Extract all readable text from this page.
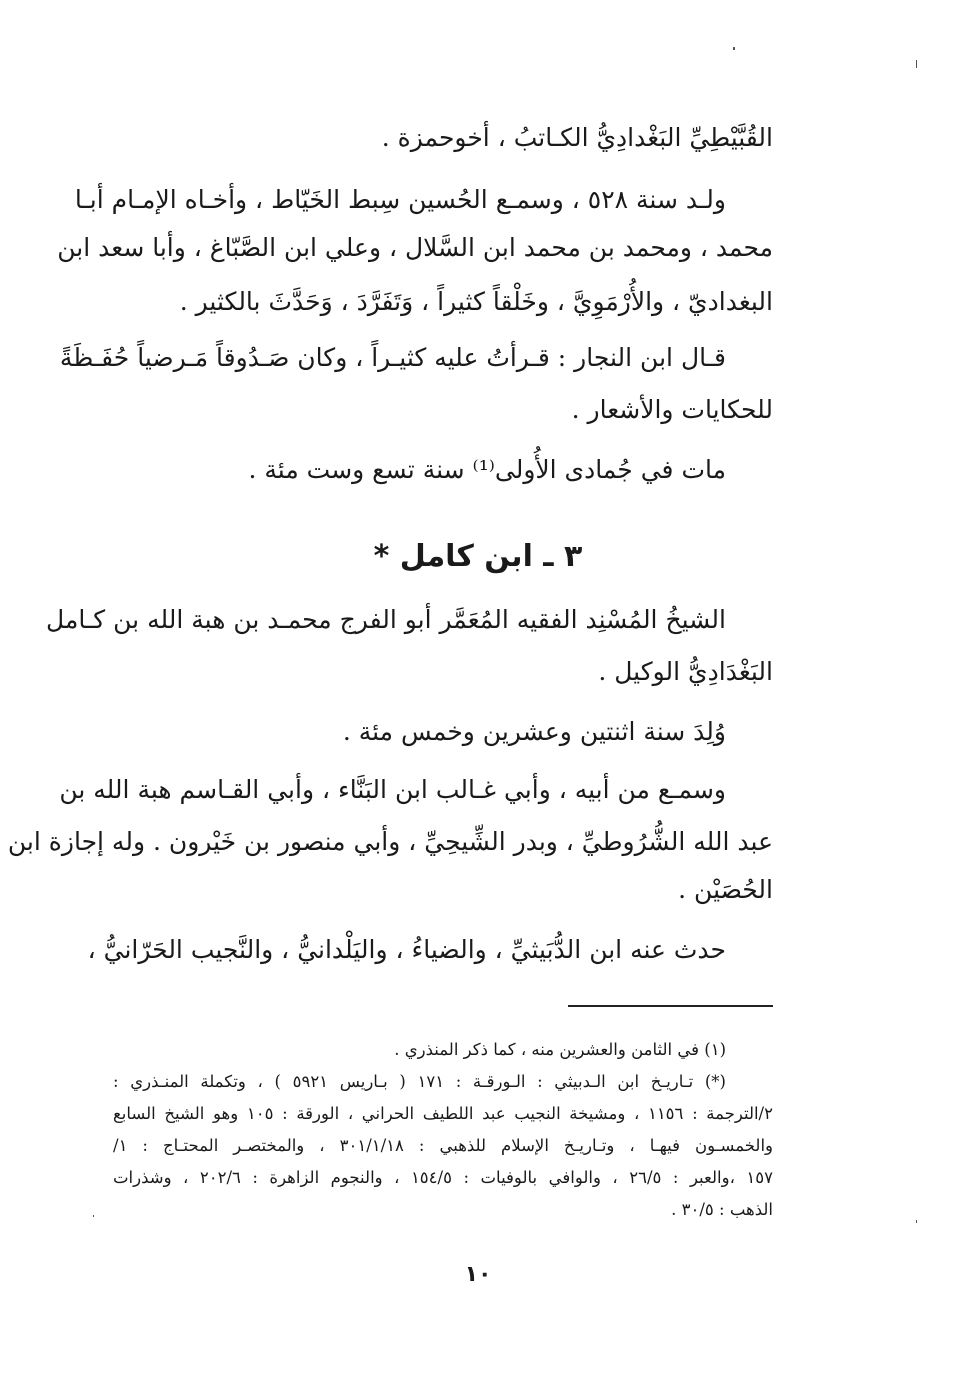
القُبَّيْطِيِّ البَغْدادِيُّ الكـاتبُ ، أخوحمزة .
ولـد سنة ٥٢٨ ، وسمـع الحُسين سِبط الخَيّاط ، وأخـاه الإمـام أبـا
محمد ، ومحمد بن محمد ابن السَّلال ، وعلي ابن الصَّبّاغ ، وأبا سعد ابن
البغداديّ ، والأُرْمَوِيَّ ، وخَلْقاً كثيراً ، وَتَفَرَّدَ ، وَحَدَّثَ بالكثير .
قـال ابن النجار : قـرأتُ عليه كثيـراً ، وكان صَـدُوقاً مَـرضياً حُفَـظَةً
للحكايات والأشعار .
مات في جُمادى الأُولى⁽¹⁾ سنة تسع وست مئة .
٣ ـ ابن كامل *
الشيخُ المُسْنِد الفقيه المُعَمَّر أبو الفرج محمـد بن هبة الله بن كـامل
البَغْدَادِيُّ الوكيل .
وُلِدَ سنة اثنتين وعشرين وخمس مئة .
وسمـع من أبيه ، وأبي غـالب ابن البَنَّاء ، وأبي القـاسم هبة الله بن
عبد الله الشُّرُوطيِّ ، وبدر الشِّيحِيِّ ، وأبي منصور بن خَيْرون . وله إجازة ابن
الحُصَيْن .
حدث عنه ابن الدُّبَيثيِّ ، والضياءُ ، واليَلْدانيُّ ، والنَّجيب الحَرّانيُّ ،
(١) في الثامن والعشرين منه ، كما ذكر المنذري .
(*) تـاريـخ ابن الـدبيثي : الـورقـة : ١٧١ ( بـاريس ٥٩٢١ ) ، وتكملة المنـذري :
٢/الترجمة : ١١٥٦ ، ومشيخة النجيب عبد اللطيف الحراني ، الورقة : ١٠٥ وهو الشيخ السابع
والخمسـون فيهـا ، وتـاريـخ الإسلام للذهبي : ٣٠١/١/١٨ ، والمختصـر المحتـاج : ١/
١٥٧ ،والعبر : ٢٦/٥ ، والوافي بالوفيات : ١٥٤/٥ ، والنجوم الزاهرة : ٢٠٢/٦ ، وشذرات
الذهب : ٣٠/٥ .
١٠
